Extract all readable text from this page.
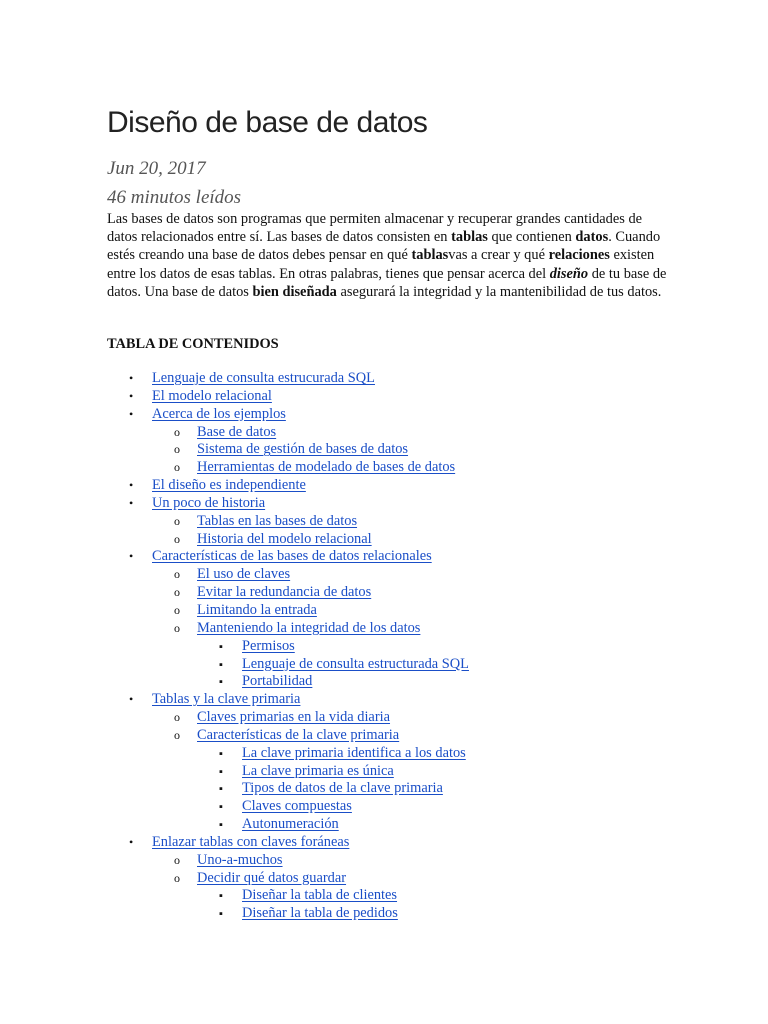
Diseño de base de datos

Jun 20, 2017

46 minutos leídos

Las bases de datos son programas que permiten almacenar y recuperar grandes cantidades de datos relacionados entre sí. Las bases de datos consisten en tablas que contienen datos. Cuando estés creando una base de datos debes pensar en qué tablasvas a crear y qué relaciones existen entre los datos de esas tablas. En otras palabras, tienes que pensar acerca del diseño de tu base de datos. Una base de datos bien diseñada asegurará la integridad y la mantenibilidad de tus datos.

TABLA DE CONTENIDOS

•
Lenguaje de consulta estrucurada SQL
•
El modelo relacional
•
Acerca de los ejemplos
o
Base de datos
o
Sistema de gestión de bases de datos
o
Herramientas de modelado de bases de datos
•
El diseño es independiente
•
Un poco de historia
o
Tablas en las bases de datos
o
Historia del modelo relacional
•
Características de las bases de datos relacionales
o
El uso de claves
o
Evitar la redundancia de datos
o
Limitando la entrada
o
Manteniendo la integridad de los datos
▪
Permisos
▪
Lenguaje de consulta estructurada SQL
▪
Portabilidad
•
Tablas y la clave primaria
o
Claves primarias en la vida diaria
o
Características de la clave primaria
▪
La clave primaria identifica a los datos
▪
La clave primaria es única
▪
Tipos de datos de la clave primaria
▪
Claves compuestas
▪
Autonumeración
•
Enlazar tablas con claves foráneas
o
Uno-a-muchos
o
Decidir qué datos guardar
▪
Diseñar la tabla de clientes
▪
Diseñar la tabla de pedidos
